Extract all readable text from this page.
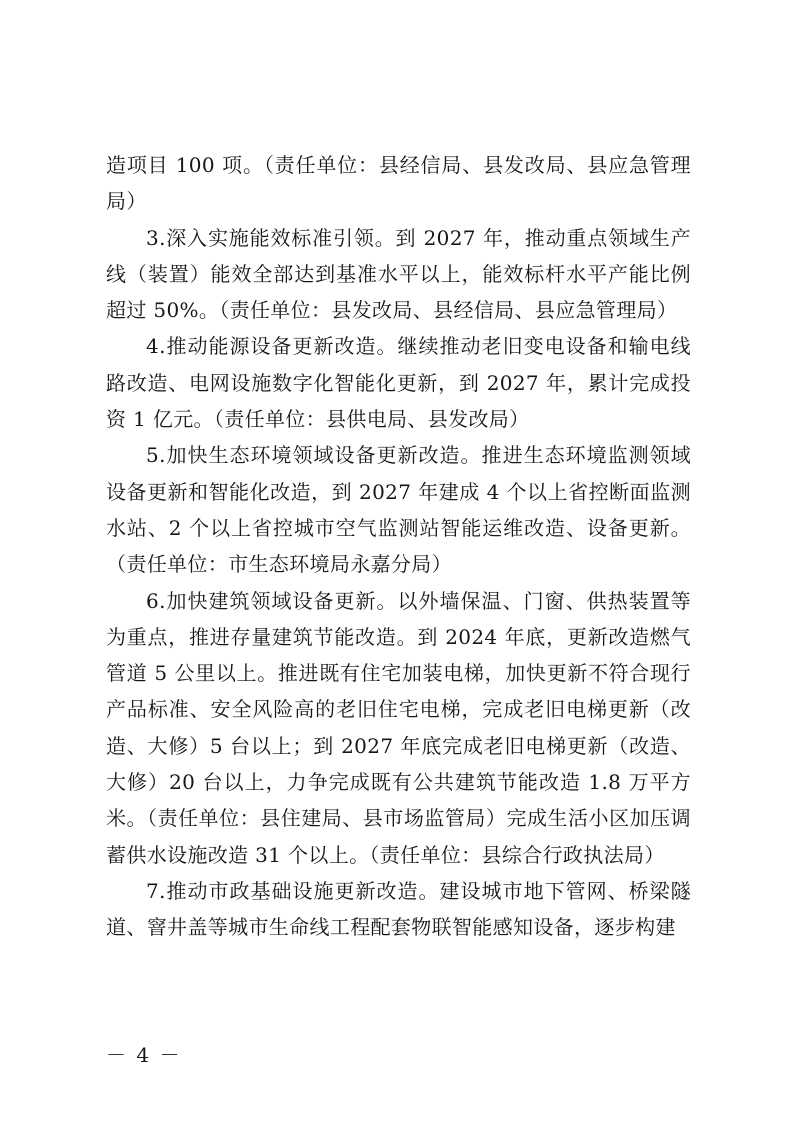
造项目 100 项。（责任单位：县经信局、县发改局、县应急管理局）

3.深入实施能效标准引领。到 2027 年，推动重点领域生产线（装置）能效全部达到基准水平以上，能效标杆水平产能比例超过 50%。（责任单位：县发改局、县经信局、县应急管理局）

4.推动能源设备更新改造。继续推动老旧变电设备和输电线路改造、电网设施数字化智能化更新，到 2027 年，累计完成投资 1 亿元。（责任单位：县供电局、县发改局）

5.加快生态环境领域设备更新改造。推进生态环境监测领域设备更新和智能化改造，到 2027 年建成 4 个以上省控断面监测水站、2 个以上省控城市空气监测站智能运维改造、设备更新。（责任单位：市生态环境局永嘉分局）

6.加快建筑领域设备更新。以外墙保温、门窗、供热装置等为重点，推进存量建筑节能改造。到 2024 年底，更新改造燃气管道 5 公里以上。推进既有住宅加装电梯，加快更新不符合现行产品标准、安全风险高的老旧住宅电梯，完成老旧电梯更新（改造、大修）5 台以上；到 2027 年底完成老旧电梯更新（改造、大修）20 台以上，力争完成既有公共建筑节能改造 1.8 万平方米。（责任单位：县住建局、县市场监管局）完成生活小区加压调蓄供水设施改造 31 个以上。（责任单位：县综合行政执法局）

7.推动市政基础设施更新改造。建设城市地下管网、桥梁隧道、窨井盖等城市生命线工程配套物联智能感知设备，逐步构建

－ 4 －
